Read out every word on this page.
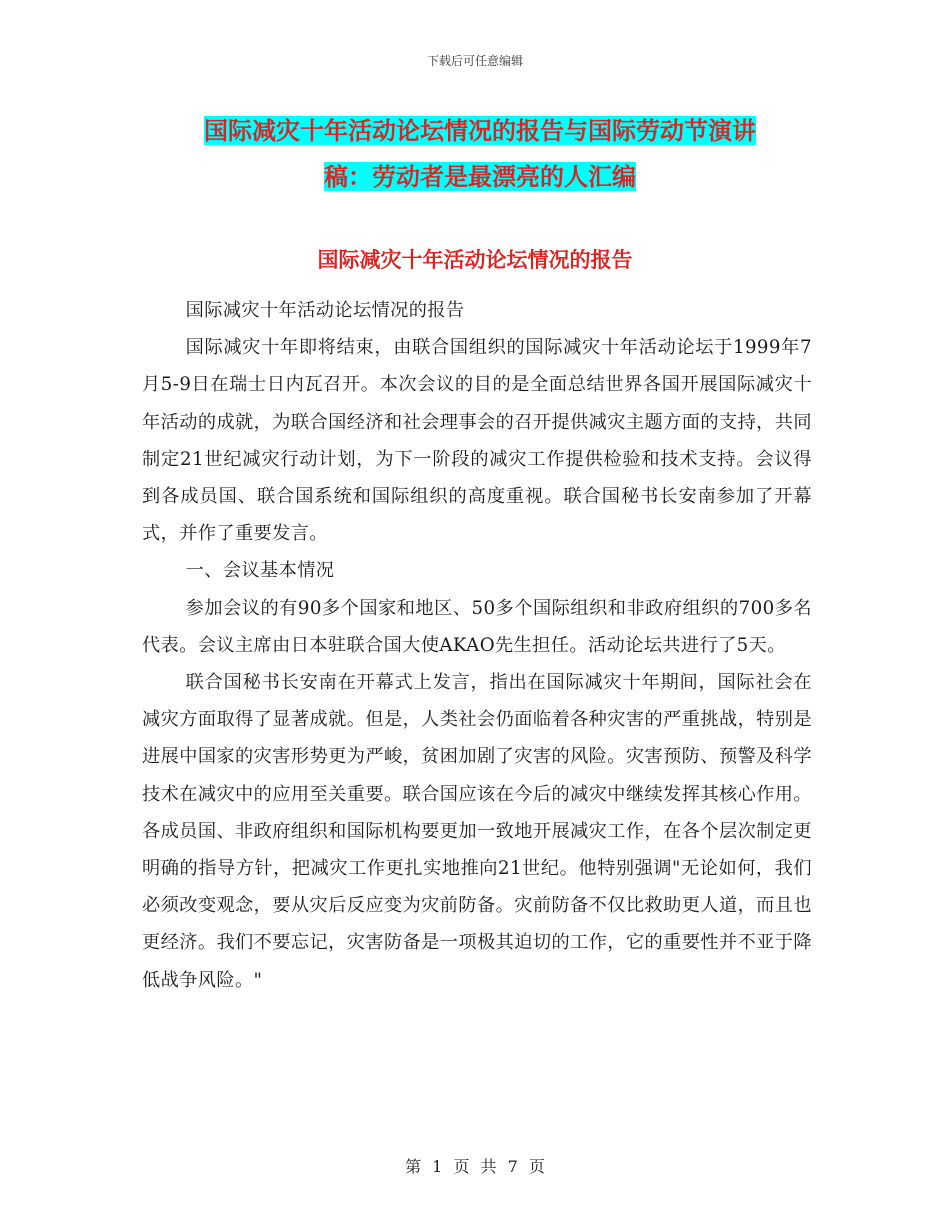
下载后可任意编辑
国际减灾十年活动论坛情况的报告与国际劳动节演讲
稿：劳动者是最漂亮的人汇编
国际减灾十年活动论坛情况的报告

国际减灾十年活动论坛情况的报告

国际减灾十年即将结束，由联合国组织的国际减灾十年活动论坛于1999年7月5-9日在瑞士日内瓦召开。本次会议的目的是全面总结世界各国开展国际减灾十年活动的成就，为联合国经济和社会理事会的召开提供减灾主题方面的支持，共同制定21世纪减灾行动计划，为下一阶段的减灾工作提供检验和技术支持。会议得到各成员国、联合国系统和国际组织的高度重视。联合国秘书长安南参加了开幕式，并作了重要发言。

一、会议基本情况

参加会议的有90多个国家和地区、50多个国际组织和非政府组织的700多名代表。会议主席由日本驻联合国大使AKAO先生担任。活动论坛共进行了5天。

联合国秘书长安南在开幕式上发言，指出在国际减灾十年期间，国际社会在减灾方面取得了显著成就。但是，人类社会仍面临着各种灾害的严重挑战，特别是进展中国家的灾害形势更为严峻，贫困加剧了灾害的风险。灾害预防、预警及科学技术在减灾中的应用至关重要。联合国应该在今后的减灾中继续发挥其核心作用。各成员国、非政府组织和国际机构要更加一致地开展减灾工作，在各个层次制定更明确的指导方针，把减灾工作更扎实地推向21世纪。他特别强调"无论如何，我们必须改变观念，要从灾后反应变为灾前防备。灾前防备不仅比救助更人道，而且也更经济。我们不要忘记，灾害防备是一项极其迫切的工作，它的重要性并不亚于降低战争风险。"

第 1 页 共 7 页
